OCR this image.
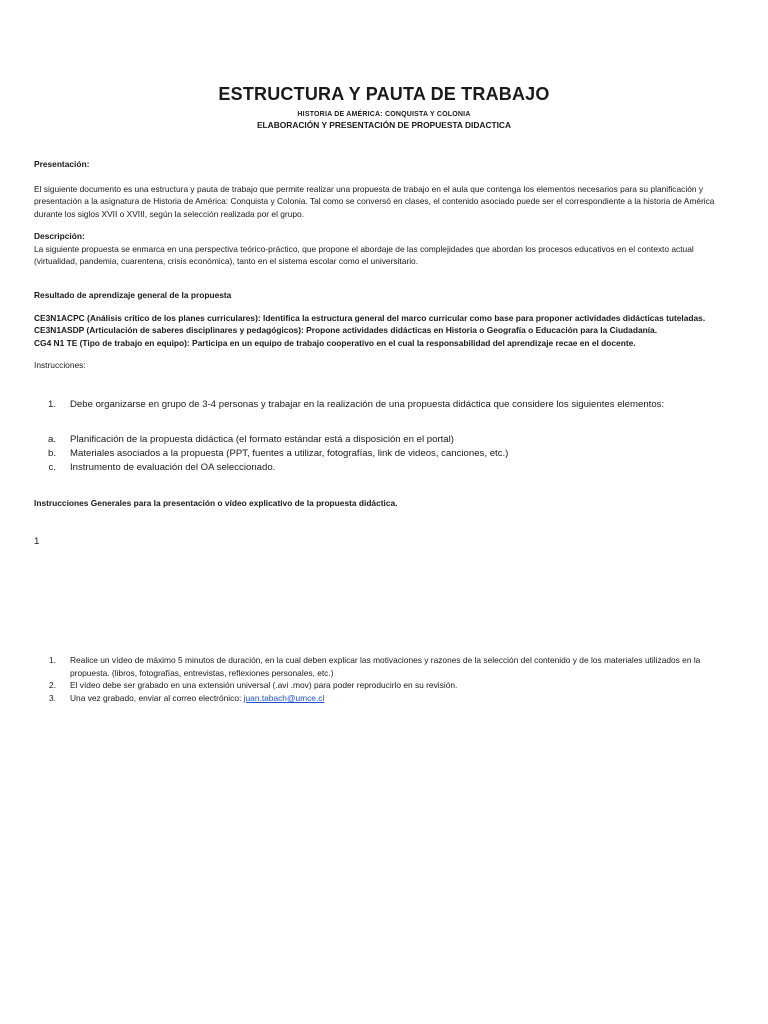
ESTRUCTURA Y PAUTA DE TRABAJO
HISTORIA DE AMÉRICA: CONQUISTA Y COLONIA
ELABORACIÓN Y PRESENTACIÓN DE PROPUESTA DIDACTICA
Presentación:
El siguiente documento es una estructura y pauta de trabajo que permite realizar una propuesta de trabajo en el aula que contenga los elementos necesarios para su planificación y presentación a la asignatura de Historia de América: Conquista y Colonia. Tal como se conversó en clases, el contenido asociado puede ser el correspondiente a la historia de América durante los siglos XVII o XVIII, según la selección realizada por el grupo.
Descripción:
La siguiente propuesta se enmarca en una perspectiva teórico-práctico, que propone el abordaje de las complejidades que abordan los procesos educativos en el contexto actual (virtualidad, pandemia, cuarentena, crisis económica), tanto en el sistema escolar como el universitario.
Resultado de aprendizaje general de la propuesta
CE3N1ACPC (Análisis crítico de los planes curriculares): Identifica la estructura general del marco curricular como base para proponer actividades didácticas tuteladas.
CE3N1ASDP (Articulación de saberes disciplinares y pedagógicos): Propone actividades didácticas en Historia o Geografía o Educación para la Ciudadanía.
CG4 N1 TE (Tipo de trabajo en equipo): Participa en un equipo de trabajo cooperativo en el cual la responsabilidad del aprendizaje recae en el docente.
Instrucciones:
1.	Debe organizarse en grupo de 3-4 personas y trabajar en la realización de una propuesta didáctica que considere los siguientes elementos:
a.	Planificación de la propuesta didáctica (el formato estándar está a disposición en el portal)
b.	Materiales asociados a la propuesta (PPT, fuentes a utilizar, fotografías, link de videos, canciones, etc.)
c.	Instrumento de evaluación del OA seleccionado.
Instrucciones Generales para la presentación o vídeo explicativo de la propuesta didáctica.
1
1.	Realice un vídeo de máximo 5 minutos de duración, en la cual deben explicar las motivaciones y razones de la selección del contenido y de los materiales utilizados en la propuesta. (libros, fotografías, entrevistas, reflexiones personales, etc.)
2.	El vídeo debe ser grabado en una extensión universal (.avi .mov) para poder reproducirlo en su revisión.
3.	Una vez grabado, enviar al correo electrónico: juan.tabach@umce.cl
